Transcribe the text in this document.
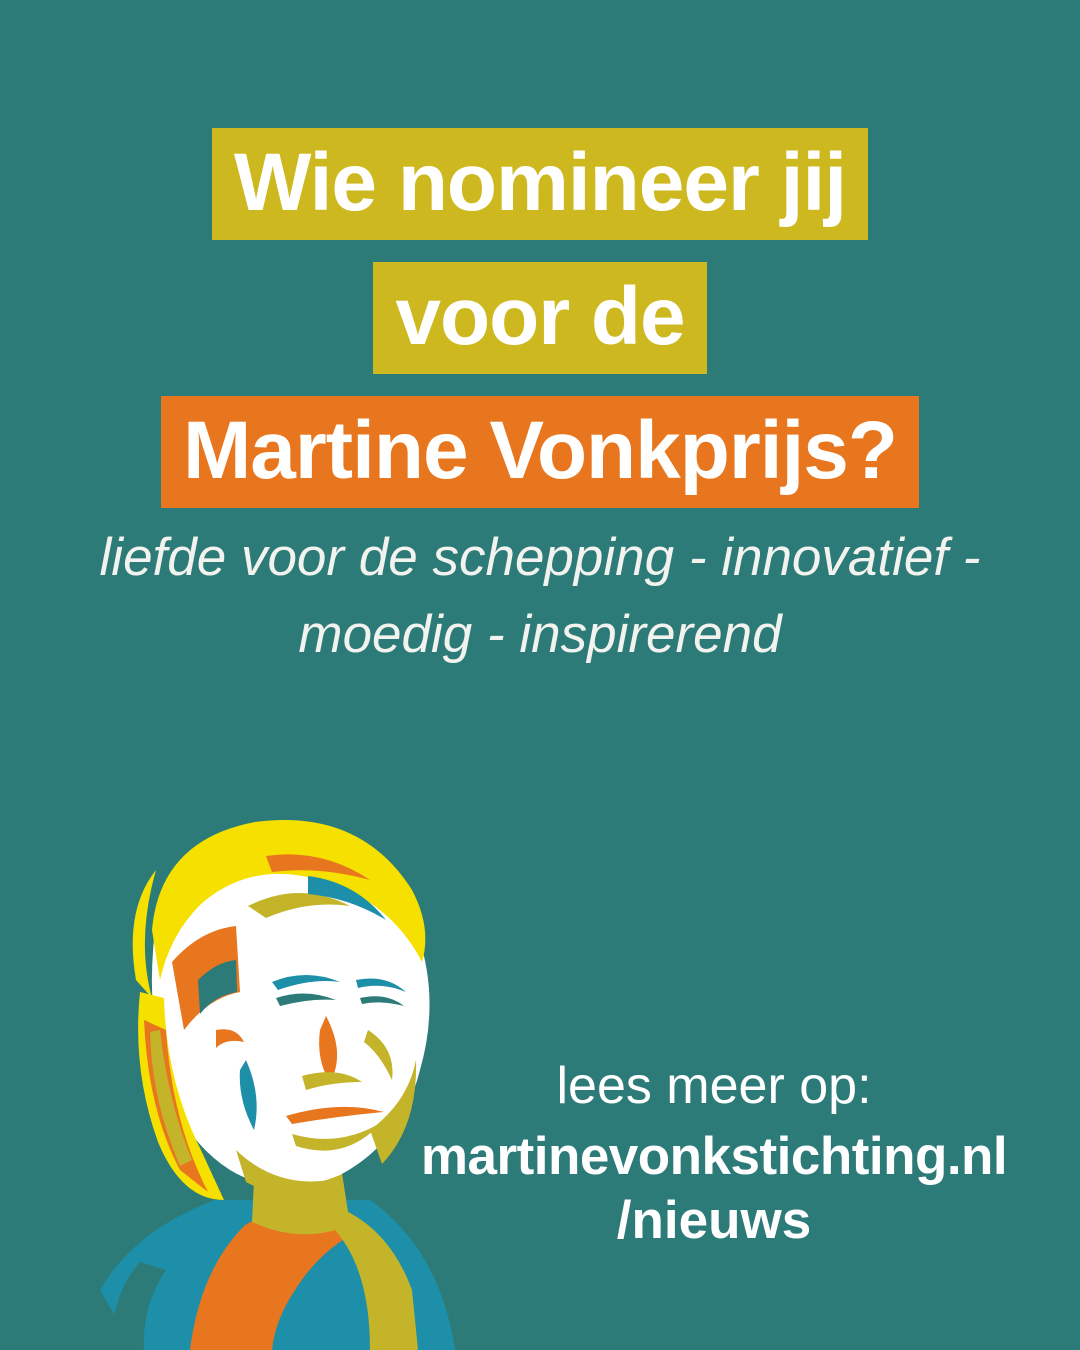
Wie nomineer jij
voor de
Martine Vonkprijs?
liefde voor de schepping - innovatief - moedig - inspirerend
lees meer op:
martinevonkstichting.nl
/nieuws
